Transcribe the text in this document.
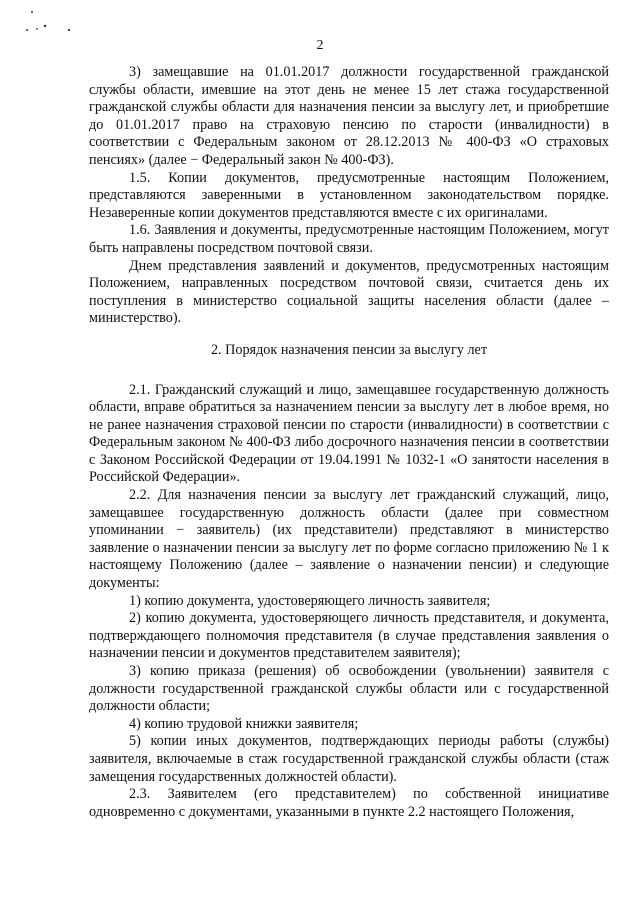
2

3) замещавшие на 01.01.2017 должности государственной гражданской службы области, имевшие на этот день не менее 15 лет стажа государственной гражданской службы области для назначения пенсии за выслугу лет, и приобретшие до 01.01.2017 право на страховую пенсию по старости (инвалидности) в соответствии с Федеральным законом от 28.12.2013 № 400-ФЗ «О страховых пенсиях» (далее − Федеральный закон № 400-ФЗ).

1.5. Копии документов, предусмотренные настоящим Положением, представляются заверенными в установленном законодательством порядке. Незаверенные копии документов представляются вместе с их оригиналами.

1.6. Заявления и документы, предусмотренные настоящим Положением, могут быть направлены посредством почтовой связи.

Днем представления заявлений и документов, предусмотренных настоящим Положением, направленных посредством почтовой связи, считается день их поступления в министерство социальной защиты населения области (далее – министерство).

2. Порядок назначения пенсии за выслугу лет

2.1. Гражданский служащий и лицо, замещавшее государственную должность области, вправе обратиться за назначением пенсии за выслугу лет в любое время, но не ранее назначения страховой пенсии по старости (инвалидности) в соответствии с Федеральным законом № 400-ФЗ либо досрочного назначения пенсии в соответствии с Законом Российской Федерации от 19.04.1991 № 1032-1 «О занятости населения в Российской Федерации».

2.2. Для назначения пенсии за выслугу лет гражданский служащий, лицо, замещавшее государственную должность области (далее при совместном упоминании − заявитель) (их представители) представляют в министерство заявление о назначении пенсии за выслугу лет по форме согласно приложению № 1 к настоящему Положению (далее – заявление о назначении пенсии) и следующие документы:

1) копию документа, удостоверяющего личность заявителя;

2) копию документа, удостоверяющего личность представителя, и документа, подтверждающего полномочия представителя (в случае представления заявления о назначении пенсии и документов представителем заявителя);

3) копию приказа (решения) об освобождении (увольнении) заявителя с должности государственной гражданской службы области или с государственной должности области;

4) копию трудовой книжки заявителя;

5) копии иных документов, подтверждающих периоды работы (службы) заявителя, включаемые в стаж государственной гражданской службы области (стаж замещения государственных должностей области).

2.3. Заявителем (его представителем) по собственной инициативе одновременно с документами, указанными в пункте 2.2 настоящего Положения,
